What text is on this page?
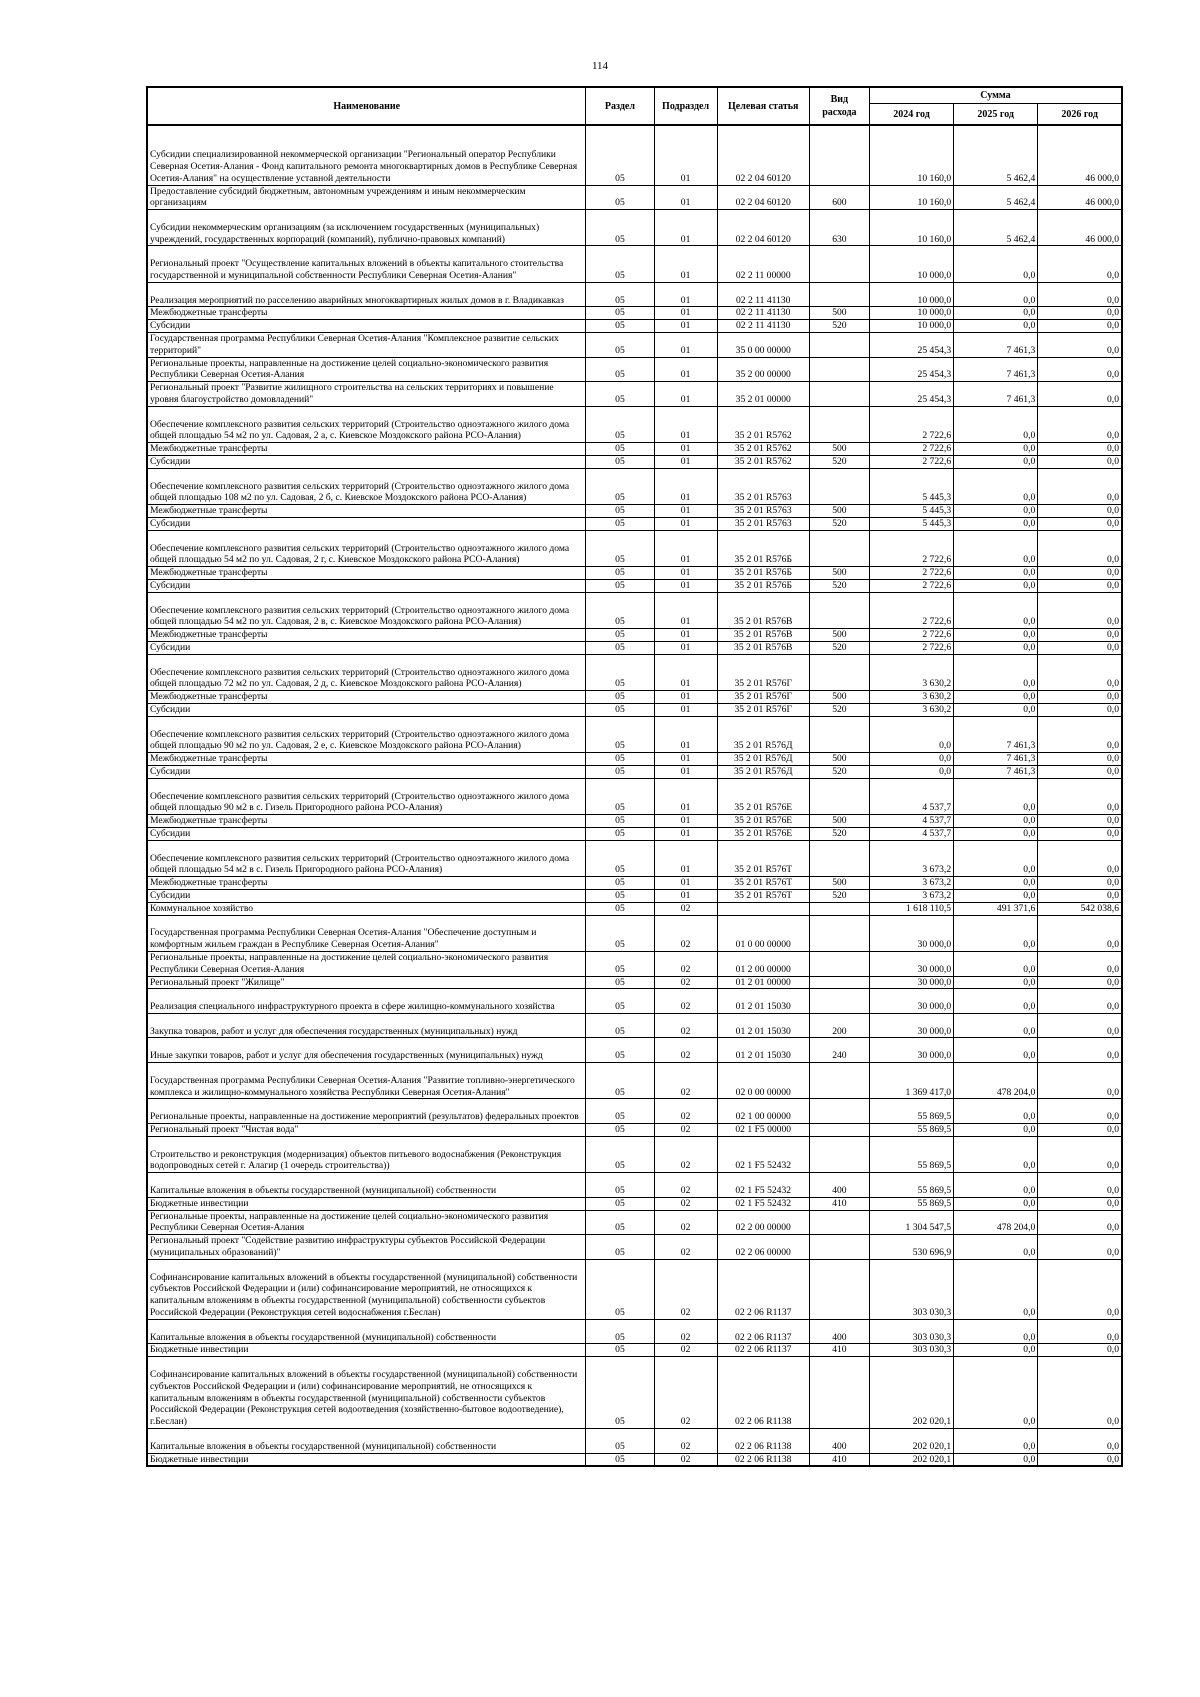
114
Наименование	Раздел	Подраздел	Целевая статья	Вид
расхода	Сумма		
					2024 год	2025 год	2026 год
Субсидии специализированной некоммерческой организации "Региональный оператор Республики Северная Осетия-Алания - Фонд капитального ремонта многоквартирных домов в Республике Северная Осетия-Алания" на осуществление уставной деятельности	05	01	02 2 04 60120		10 160,0	5 462,4	46 000,0
Предоставление субсидий бюджетным, автономным учреждениям и иным некоммерческим организациям	05	01	02 2 04 60120	600	10 160,0	5 462,4	46 000,0
Субсидии некоммерческим организациям (за исключением государственных (муниципальных) учреждений, государственных корпораций (компаний), публично-правовых компаний)	05	01	02 2 04 60120	630	10 160,0	5 462,4	46 000,0
Региональный проект "Осуществление капитальных вложений в объекты капитального стоительства государственной и муниципальной собственности Республики Северная Осетия-Алания"	05	01	02 2 11 00000		10 000,0	0,0	0,0
Реализация мероприятий по расселению аварийных многоквартирных жилых домов в г. Владикавказ	05	01	02 2 11 41130		10 000,0	0,0	0,0
Межбюджетные трансферты	05	01	02 2 11 41130	500	10 000,0	0,0	0,0
Субсидии	05	01	02 2 11 41130	520	10 000,0	0,0	0,0
Государственная программа Республики Северная Осетия-Алания "Комплексное развитие сельских территорий"	05	01	35 0 00 00000		25 454,3	7 461,3	0,0
Региональные проекты, направленные на достижение целей социально-экономического развития Республики Северная Осетия-Алания	05	01	35 2 00 00000		25 454,3	7 461,3	0,0
Региональный проект "Развитие жилищного строительства на сельских территориях и повышение уровня благоустройство домовладений"	05	01	35 2 01 00000		25 454,3	7 461,3	0,0
Обеспечение комплексного развития сельских территорий (Строительство одноэтажного жилого дома общей площадью 54 м2 по ул. Садовая, 2 а, с. Киевское Моздокского района РСО-Алания)	05	01	35 2 01 R5762		2 722,6	0,0	0,0
Межбюджетные трансферты	05	01	35 2 01 R5762	500	2 722,6	0,0	0,0
Субсидии	05	01	35 2 01 R5762	520	2 722,6	0,0	0,0
Обеспечение комплексного развития сельских территорий (Строительство одноэтажного жилого дома общей площадью 108 м2 по ул. Садовая, 2 б, с. Киевское Моздокского района РСО-Алания)	05	01	35 2 01 R5763		5 445,3	0,0	0,0
Межбюджетные трансферты	05	01	35 2 01 R5763	500	5 445,3	0,0	0,0
Субсидии	05	01	35 2 01 R5763	520	5 445,3	0,0	0,0
Обеспечение комплексного развития сельских территорий (Строительство одноэтажного жилого дома общей площадью 54 м2 по ул. Садовая, 2 г, с. Киевское Моздокского района РСО-Алания)	05	01	35 2 01 R576Б		2 722,6	0,0	0,0
Межбюджетные трансферты	05	01	35 2 01 R576Б	500	2 722,6	0,0	0,0
Субсидии	05	01	35 2 01 R576Б	520	2 722,6	0,0	0,0
Обеспечение комплексного развития сельских территорий (Строительство одноэтажного жилого дома общей площадью 54 м2 по ул. Садовая, 2 в, с. Киевское Моздокского района РСО-Алания)	05	01	35 2 01 R576В		2 722,6	0,0	0,0
Межбюджетные трансферты	05	01	35 2 01 R576В	500	2 722,6	0,0	0,0
Субсидии	05	01	35 2 01 R576В	520	2 722,6	0,0	0,0
Обеспечение комплексного развития сельских территорий (Строительство одноэтажного жилого дома общей площадью 72 м2 по ул. Садовая, 2 д, с. Киевское Моздокского района РСО-Алания)	05	01	35 2 01 R576Г		3 630,2	0,0	0,0
Межбюджетные трансферты	05	01	35 2 01 R576Г	500	3 630,2	0,0	0,0
Субсидии	05	01	35 2 01 R576Г	520	3 630,2	0,0	0,0
Обеспечение комплексного развития сельских территорий (Строительство одноэтажного жилого дома общей площадью 90 м2 по ул. Садовая, 2 е, с. Киевское Моздокского района РСО-Алания)	05	01	35 2 01 R576Д		0,0	7 461,3	0,0
Межбюджетные трансферты	05	01	35 2 01 R576Д	500	0,0	7 461,3	0,0
Субсидии	05	01	35 2 01 R576Д	520	0,0	7 461,3	0,0
Обеспечение комплексного развития сельских территорий (Строительство одноэтажного жилого дома общей площадью 90 м2 в с. Гизель Пригородного района РСО-Алания)	05	01	35 2 01 R576Е		4 537,7	0,0	0,0
Межбюджетные трансферты	05	01	35 2 01 R576Е	500	4 537,7	0,0	0,0
Субсидии	05	01	35 2 01 R576Е	520	4 537,7	0,0	0,0
Обеспечение комплексного развития сельских территорий (Строительство одноэтажного жилого дома общей площадью 54 м2 в с. Гизель Пригородного района РСО-Алания)	05	01	35 2 01 R576Т		3 673,2	0,0	0,0
Межбюджетные трансферты	05	01	35 2 01 R576Т	500	3 673,2	0,0	0,0
Субсидии	05	01	35 2 01 R576Т	520	3 673,2	0,0	0,0
Коммунальное хозяйство	05	02			1 618 110,5	491 371,6	542 038,6
Государственная программа Республики Северная Осетия-Алания "Обеспечение доступным и комфортным жильем граждан в Республике Северная Осетия-Алания"	05	02	01 0 00 00000		30 000,0	0,0	0,0
Региональные проекты, направленные на достижение целей социально-экономического развития Республики Северная Осетия-Алания	05	02	01 2 00 00000		30 000,0	0,0	0,0
Региональный проект "Жилище"	05	02	01 2 01 00000		30 000,0	0,0	0,0
Реализация специального инфраструктурного проекта в сфере жилищно-коммунального хозяйства	05	02	01 2 01 15030		30 000,0	0,0	0,0
Закупка товаров, работ и услуг для обеспечения государственных (муниципальных) нужд	05	02	01 2 01 15030	200	30 000,0	0,0	0,0
Иные закупки товаров, работ и услуг для обеспечения государственных (муниципальных) нужд	05	02	01 2 01 15030	240	30 000,0	0,0	0,0
Государственная программа Республики Северная Осетия-Алания "Развитие топливно-энергетического комплекса и жилищно-коммунального хозяйства Республики Северная Осетия-Алания"	05	02	02 0 00 00000		1 369 417,0	478 204,0	0,0
Региональные проекты, направленные на достижение мероприятий (результатов) федеральных проектов	05	02	02 1 00 00000		55 869,5	0,0	0,0
Региональный проект "Чистая вода"	05	02	02 1 F5 00000		55 869,5	0,0	0,0
Строительство и реконструкция (модернизация) объектов питьевого водоснабжения (Реконструкция водопроводных сетей г. Алагир (1 очередь строительства))	05	02	02 1 F5 52432		55 869,5	0,0	0,0
Капитальные вложения в объекты государственной (муниципальной) собственности	05	02	02 1 F5 52432	400	55 869,5	0,0	0,0
Бюджетные инвестиции	05	02	02 1 F5 52432	410	55 869,5	0,0	0,0
Региональные проекты, направленные на достижение целей социально-экономического развития Республики Северная Осетия-Алания	05	02	02 2 00 00000		1 304 547,5	478 204,0	0,0
Региональный проект "Содействие развитию инфраструктуры субъектов Российской Федерации (муниципальных образований)"	05	02	02 2 06 00000		530 696,9	0,0	0,0
Софинансирование капитальных вложений в объекты государственной (муниципальной) собственности субъектов Российской Федерации и (или) софинансирование мероприятий, не относящихся к капитальным вложениям в объекты государственной (муниципальной) собственности субъектов Российской Федерации (Реконструкция сетей водоснабжения г.Беслан)	05	02	02 2 06 R1137		303 030,3	0,0	0,0
Капитальные вложения в объекты государственной (муниципальной) собственности	05	02	02 2 06 R1137	400	303 030,3	0,0	0,0
Бюджетные инвестиции	05	02	02 2 06 R1137	410	303 030,3	0,0	0,0
Софинансирование капитальных вложений в объекты государственной (муниципальной) собственности субъектов Российской Федерации и (или) софинансирование мероприятий, не относящихся к капитальным вложениям в объекты государственной (муниципальной) собственности субъектов Российской Федерации (Реконструкция сетей водоотведения (хозяйственно-бытовое водоотведение), г.Беслан)	05	02	02 2 06 R1138		202 020,1	0,0	0,0
Капитальные вложения в объекты государственной (муниципальной) собственности	05	02	02 2 06 R1138	400	202 020,1	0,0	0,0
Бюджетные инвестиции	05	02	02 2 06 R1138	410	202 020,1	0,0	0,0
